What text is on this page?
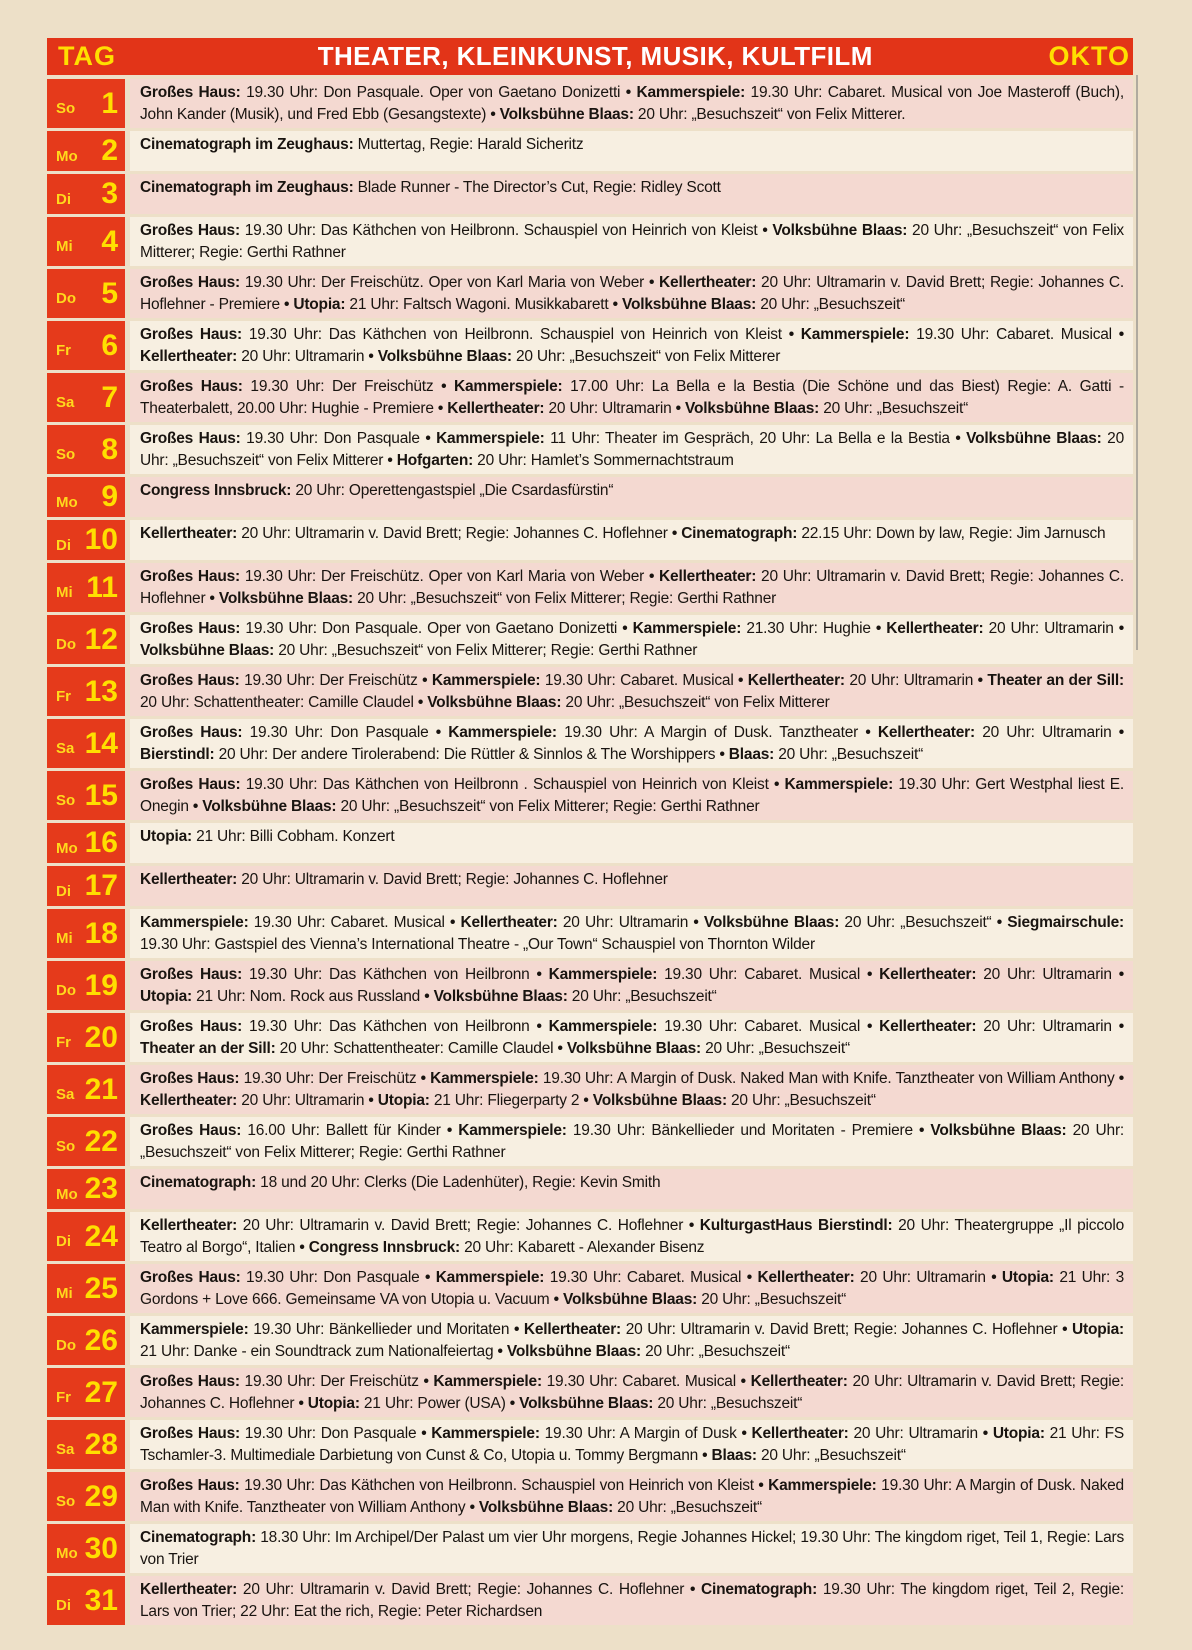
TAG	THEATER, KLEINKUNST, MUSIK, KULTFILM	OKTO
So 1	Großes Haus: 19.30 Uhr: Don Pasquale. Oper von Gaetano Donizetti • Kammerspiele: 19.30 Uhr: Cabaret. Musical von Joe Masteroff (Buch), John Kander (Musik), und Fred Ebb (Gesangstexte) • Volksbühne Blaas: 20 Uhr: „Besuchszeit“ von Felix Mitterer.
Mo 2	Cinematograph im Zeughaus: Muttertag, Regie: Harald Sicheritz
Di 3	Cinematograph im Zeughaus: Blade Runner - The Director’s Cut, Regie: Ridley Scott
Mi 4	Großes Haus: 19.30 Uhr: Das Käthchen von Heilbronn. Schauspiel von Heinrich von Kleist • Volksbühne Blaas: 20 Uhr: „Besuchszeit“ von Felix Mitterer; Regie: Gerthi Rathner
Do 5	Großes Haus: 19.30 Uhr: Der Freischütz. Oper von Karl Maria von Weber • Kellertheater: 20 Uhr: Ultramarin v. David Brett; Regie: Johannes C. Hoflehner - Premiere • Utopia: 21 Uhr: Faltsch Wagoni. Musikkabarett • Volksbühne Blaas: 20 Uhr: „Besuchszeit“
Fr 6	Großes Haus: 19.30 Uhr: Das Käthchen von Heilbronn. Schauspiel von Heinrich von Kleist • Kammerspiele: 19.30 Uhr: Cabaret. Musical • Kellertheater: 20 Uhr: Ultramarin • Volksbühne Blaas: 20 Uhr: „Besuchszeit“ von Felix Mitterer
Sa 7	Großes Haus: 19.30 Uhr: Der Freischütz • Kammerspiele: 17.00 Uhr: La Bella e la Bestia (Die Schöne und das Biest) Regie: A. Gatti - Theaterbalett, 20.00 Uhr: Hughie - Premiere • Kellertheater: 20 Uhr: Ultramarin • Volksbühne Blaas: 20 Uhr: „Besuchszeit“
So 8	Großes Haus: 19.30 Uhr: Don Pasquale • Kammerspiele: 11 Uhr: Theater im Gespräch, 20 Uhr: La Bella e la Bestia • Volksbühne Blaas: 20 Uhr: „Besuchszeit“ von Felix Mitterer • Hofgarten: 20 Uhr: Hamlet’s Sommernachtstraum
Mo 9	Congress Innsbruck: 20 Uhr: Operettengastspiel „Die Csardasfürstin“
Di 10	Kellertheater: 20 Uhr: Ultramarin v. David Brett; Regie: Johannes C. Hoflehner • Cinematograph: 22.15 Uhr: Down by law, Regie: Jim Jarnusch
Mi 11	Großes Haus: 19.30 Uhr: Der Freischütz. Oper von Karl Maria von Weber • Kellertheater: 20 Uhr: Ultramarin v. David Brett; Regie: Johannes C. Hoflehner • Volksbühne Blaas: 20 Uhr: „Besuchszeit“ von Felix Mitterer; Regie: Gerthi Rathner
Do 12	Großes Haus: 19.30 Uhr: Don Pasquale. Oper von Gaetano Donizetti • Kammerspiele: 21.30 Uhr: Hughie • Kellertheater: 20 Uhr: Ultramarin • Volksbühne Blaas: 20 Uhr: „Besuchszeit“ von Felix Mitterer; Regie: Gerthi Rathner
Fr 13	Großes Haus: 19.30 Uhr: Der Freischütz • Kammerspiele: 19.30 Uhr: Cabaret. Musical • Kellertheater: 20 Uhr: Ultramarin • Theater an der Sill: 20 Uhr: Schattentheater: Camille Claudel • Volksbühne Blaas: 20 Uhr: „Besuchszeit“ von Felix Mitterer
Sa 14	Großes Haus: 19.30 Uhr: Don Pasquale • Kammerspiele: 19.30 Uhr: A Margin of Dusk. Tanztheater • Kellertheater: 20 Uhr: Ultramarin • Bierstindl: 20 Uhr: Der andere Tirolerabend: Die Rüttler & Sinnlos & The Worshippers • Blaas: 20 Uhr: „Besuchszeit“
So 15	Großes Haus: 19.30 Uhr: Das Käthchen von Heilbronn . Schauspiel von Heinrich von Kleist • Kammerspiele: 19.30 Uhr: Gert Westphal liest E. Onegin • Volksbühne Blaas: 20 Uhr: „Besuchszeit“ von Felix Mitterer; Regie: Gerthi Rathner
Mo 16	Utopia: 21 Uhr: Billi Cobham. Konzert
Di 17	Kellertheater: 20 Uhr: Ultramarin v. David Brett; Regie: Johannes C. Hoflehner
Mi 18	Kammerspiele: 19.30 Uhr: Cabaret. Musical • Kellertheater: 20 Uhr: Ultramarin • Volksbühne Blaas: 20 Uhr: „Besuchszeit“ • Siegmairschule: 19.30 Uhr: Gastspiel des Vienna’s International Theatre - „Our Town“ Schauspiel von Thornton Wilder
Do 19	Großes Haus: 19.30 Uhr: Das Käthchen von Heilbronn • Kammerspiele: 19.30 Uhr: Cabaret. Musical • Kellertheater: 20 Uhr: Ultramarin • Utopia: 21 Uhr: Nom. Rock aus Russland • Volksbühne Blaas: 20 Uhr: „Besuchszeit“
Fr 20	Großes Haus: 19.30 Uhr: Das Käthchen von Heilbronn • Kammerspiele: 19.30 Uhr: Cabaret. Musical • Kellertheater: 20 Uhr: Ultramarin • Theater an der Sill: 20 Uhr: Schattentheater: Camille Claudel • Volksbühne Blaas: 20 Uhr: „Besuchszeit“
Sa 21	Großes Haus: 19.30 Uhr: Der Freischütz • Kammerspiele: 19.30 Uhr: A Margin of Dusk. Naked Man with Knife. Tanztheater von William Anthony • Kellertheater: 20 Uhr: Ultramarin • Utopia: 21 Uhr: Fliegerparty 2 • Volksbühne Blaas: 20 Uhr: „Besuchszeit“
So 22	Großes Haus: 16.00 Uhr: Ballett für Kinder • Kammerspiele: 19.30 Uhr: Bänkellieder und Moritaten - Premiere • Volksbühne Blaas: 20 Uhr: „Besuchszeit“ von Felix Mitterer; Regie: Gerthi Rathner
Mo 23	Cinematograph: 18 und 20 Uhr: Clerks (Die Ladenhüter), Regie: Kevin Smith
Di 24	Kellertheater: 20 Uhr: Ultramarin v. David Brett; Regie: Johannes C. Hoflehner • KulturgastHaus Bierstindl: 20 Uhr: Theatergruppe „Il piccolo Teatro al Borgo“, Italien • Congress Innsbruck: 20 Uhr: Kabarett - Alexander Bisenz
Mi 25	Großes Haus: 19.30 Uhr: Don Pasquale • Kammerspiele: 19.30 Uhr: Cabaret. Musical • Kellertheater: 20 Uhr: Ultramarin • Utopia: 21 Uhr: 3 Gordons + Love 666. Gemeinsame VA von Utopia u. Vacuum • Volksbühne Blaas: 20 Uhr: „Besuchszeit“
Do 26	Kammerspiele: 19.30 Uhr: Bänkellieder und Moritaten • Kellertheater: 20 Uhr: Ultramarin v. David Brett; Regie: Johannes C. Hoflehner • Utopia: 21 Uhr: Danke - ein Soundtrack zum Nationalfeiertag • Volksbühne Blaas: 20 Uhr: „Besuchszeit“
Fr 27	Großes Haus: 19.30 Uhr: Der Freischütz • Kammerspiele: 19.30 Uhr: Cabaret. Musical • Kellertheater: 20 Uhr: Ultramarin v. David Brett; Regie: Johannes C. Hoflehner • Utopia: 21 Uhr: Power (USA) • Volksbühne Blaas: 20 Uhr: „Besuchszeit“
Sa 28	Großes Haus: 19.30 Uhr: Don Pasquale • Kammerspiele: 19.30 Uhr: A Margin of Dusk • Kellertheater: 20 Uhr: Ultramarin • Utopia: 21 Uhr: FS Tschamler-3. Multimediale Darbietung von Cunst & Co, Utopia u. Tommy Bergmann • Blaas: 20 Uhr: „Besuchszeit“
So 29	Großes Haus: 19.30 Uhr: Das Käthchen von Heilbronn. Schauspiel von Heinrich von Kleist • Kammerspiele: 19.30 Uhr: A Margin of Dusk. Naked Man with Knife. Tanztheater von William Anthony • Volksbühne Blaas: 20 Uhr: „Besuchszeit“
Mo 30	Cinematograph: 18.30 Uhr: Im Archipel/Der Palast um vier Uhr morgens, Regie Johannes Hickel; 19.30 Uhr: The kingdom riget, Teil 1, Regie: Lars von Trier
Di 31	Kellertheater: 20 Uhr: Ultramarin v. David Brett; Regie: Johannes C. Hoflehner • Cinematograph: 19.30 Uhr: The kingdom riget, Teil 2, Regie: Lars von Trier; 22 Uhr: Eat the rich, Regie: Peter Richardsen
